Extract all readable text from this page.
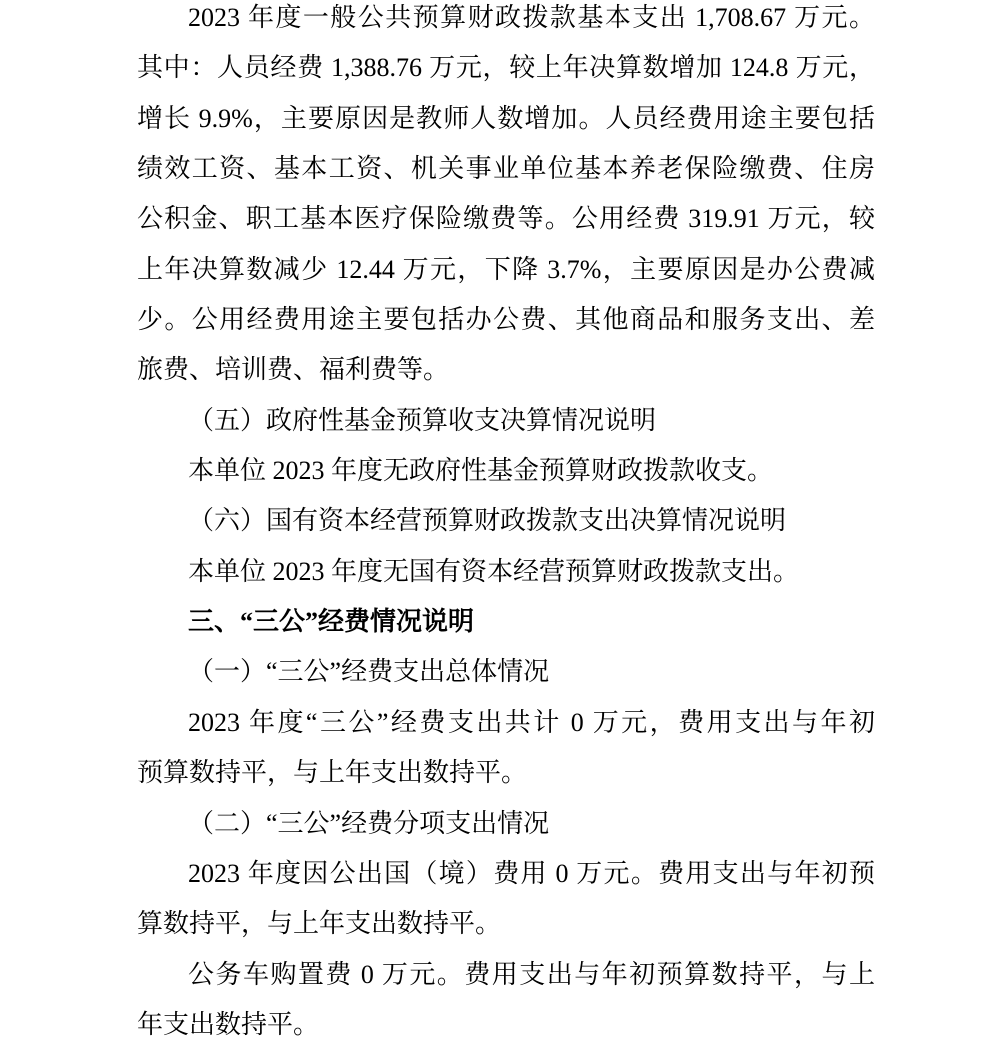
2023 年度一般公共预算财政拨款基本支出 1,708.67 万元。
其中：人员经费 1,388.76 万元，较上年决算数增加 124.8 万元，
增长 9.9%，主要原因是教师人数增加。人员经费用途主要包括
绩效工资、基本工资、机关事业单位基本养老保险缴费、住房
公积金、职工基本医疗保险缴费等。公用经费 319.91 万元，较
上年决算数减少 12.44 万元，下降 3.7%，主要原因是办公费减
少。公用经费用途主要包括办公费、其他商品和服务支出、差
旅费、培训费、福利费等。
（五）政府性基金预算收支决算情况说明
本单位 2023 年度无政府性基金预算财政拨款收支。
（六）国有资本经营预算财政拨款支出决算情况说明
本单位 2023 年度无国有资本经营预算财政拨款支出。
三、“三公”经费情况说明
（一）“三公”经费支出总体情况
2023 年度“三公”经费支出共计 0 万元，费用支出与年初
预算数持平，与上年支出数持平。
（二）“三公”经费分项支出情况
2023 年度因公出国（境）费用 0 万元。费用支出与年初预
算数持平，与上年支出数持平。
公务车购置费 0 万元。费用支出与年初预算数持平，与上
年支出数持平。
